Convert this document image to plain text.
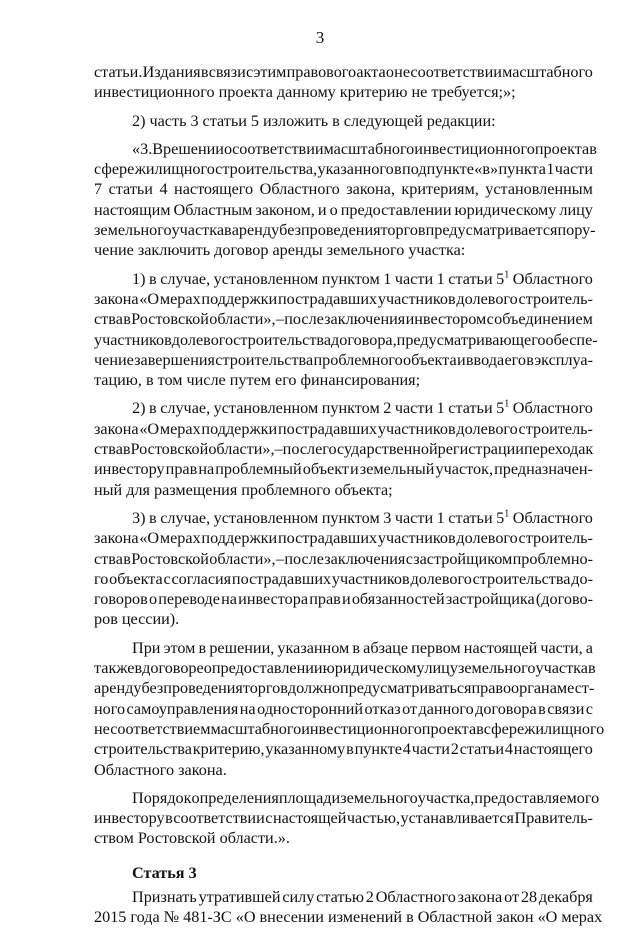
3
статьи. Издания в связи с этим правового акта о несоответствии масштабного
инвестиционного проекта данному критерию не требуется;»;
2) часть 3 статьи 5 изложить в следующей редакции:
«3. В решении о соответствии масштабного инвестиционного проекта в
сфере жилищного строительства, указанного в подпункте «в» пункта 1 части
7 статьи 4 настоящего Областного закона, критериям, установленным
настоящим Областным законом, и о предоставлении юридическому лицу
земельного участка в аренду без проведения торгов предусматривается пору-
чение заключить договор аренды земельного участка:
1) в случае, установленном пунктом 1 части 1 статьи $5^1$ Областного
закона «О мерах поддержки пострадавших участников долевого строитель-
ства в Ростовской области», – после заключения инвестором с объединением
участников долевого строительства договора, предусматривающего обеспе-
чение завершения строительства проблемного объекта и ввода его в эксплуа-
тацию, в том числе путем его финансирования;
2) в случае, установленном пунктом 2 части 1 статьи $5^1$ Областного
закона «О мерах поддержки пострадавших участников долевого строитель-
ства в Ростовской области», – после государственной регистрации перехода к
инвестору прав на проблемный объект и земельный участок, предназначен-
ный для размещения проблемного объекта;
3) в случае, установленном пунктом 3 части 1 статьи $5^1$ Областного
закона «О мерах поддержки пострадавших участников долевого строитель-
ства в Ростовской области», – после заключения с застройщиком проблемно-
го объекта с согласия пострадавших участников долевого строительства до-
говоров о переводе на инвестора прав и обязанностей застройщика (догово-
ров цессии).
При этом в решении, указанном в абзаце первом настоящей части, а
также в договоре о предоставлении юридическому лицу земельного участка в
аренду без проведения торгов должно предусматриваться право органа мест-
ного самоуправления на односторонний отказ от данного договора в связи с
несоответствием масштабного инвестиционного проекта в сфере жилищного
строительства критерию, указанному в пункте 4 части 2 статьи 4 настоящего
Областного закона.
Порядок определения площади земельного участка, предоставляемого
инвестору в соответствии с настоящей частью, устанавливается Правитель-
ством Ростовской области.».
Статья 3
Признать утратившей силу статью 2 Областного закона от 28 декабря
2015 года № 481-ЗС «О внесении изменений в Областной закон «О мерах
